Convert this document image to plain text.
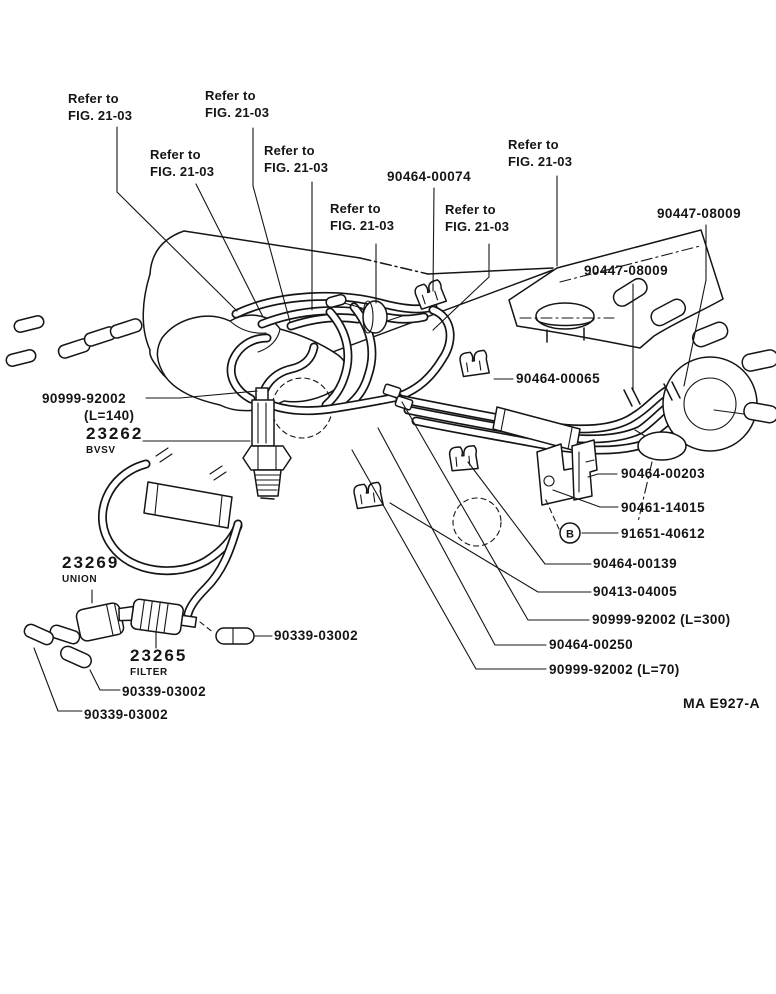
B
Refer to
FIG. 21-03
Refer to
FIG. 21-03
Refer to
FIG. 21-03
Refer to
FIG. 21-03
Refer to
FIG. 21-03
Refer to
FIG. 21-03
Refer to
FIG. 21-03
90464-00074
90447-08009
90447-08009
90999-92002
(L=140)
23262
BVSV
90464-00065
90464-00203
90461-14015
91651-40612
90464-00139
90413-04005
90999-92002 (L=300)
90464-00250
90999-92002 (L=70)
23269
UNION
23265
FILTER
90339-03002
90339-03002
90339-03002
MA E927-A
